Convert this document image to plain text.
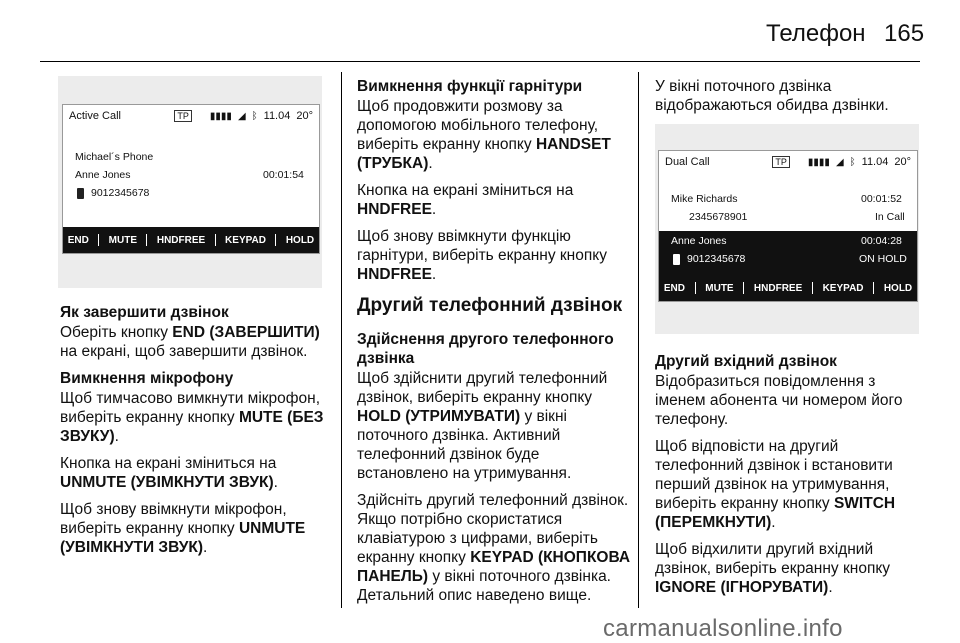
Телефон 165
Active Call	TP	▮▮▮▮ ◢ ᛒ 11.04 20°
Michael´s Phone
Anne Jones	00:01:54
9012345678
END MUTE HNDFREE KEYPAD HOLD
Dual Call	TP	▮▮▮▮ ◢ ᛒ 11.04 20°
Mike Richards	00:01:52
2345678901	In Call
Anne Jones	00:04:28
9012345678	ON HOLD
END MUTE HNDFREE KEYPAD HOLD
Як завершити дзвінок

Оберіть кнопку END (ЗАВЕРШИТИ) на екрані, щоб завершити дзвінок.

Вимкнення мікрофону

Щоб тимчасово вимкнути мікрофон, виберіть екранну кнопку MUTE (БЕЗ ЗВУКУ).

Кнопка на екрані зміниться на UNMUTE (УВІМКНУТИ ЗВУК).

Щоб знову ввімкнути мікрофон, виберіть екранну кнопку UNMUTE (УВІМКНУТИ ЗВУК).

Вимкнення функції гарнітури

Щоб продовжити розмову за допомогою мобільного телефону, виберіть екранну кнопку HANDSET (ТРУБКА).

Кнопка на екрані зміниться на HNDFREE.

Щоб знову ввімкнути функцію гарнітури, виберіть екранну кнопку HNDFREE.

Другий телефонний дзвінок
Здійснення другого телефонного дзвінка

Щоб здійснити другий телефонний дзвінок, виберіть екранну кнопку HOLD (УТРИМУВАТИ) у вікні поточного дзвінка. Активний телефонний дзвінок буде встановлено на утримування.

Здійсніть другий телефонний дзвінок. Якщо потрібно скористатися клавіатурою з цифрами, виберіть екранну кнопку KEYPAD (КНОПКОВА ПАНЕЛЬ) у вікні поточного дзвінка. Детальний опис наведено вище.

У вікні поточного дзвінка відображаються обидва дзвінки.
Другий вхідний дзвінок

Відобразиться повідомлення з іменем абонента чи номером його телефону.

Щоб відповісти на другий телефонний дзвінок і встановити перший дзвінок на утримування, виберіть екранну кнопку SWITCH (ПЕРЕМКНУТИ).

Щоб відхилити другий вхідний дзвінок, виберіть екранну кнопку IGNORE (ІГНОРУВАТИ).

carmanualsonline.info
